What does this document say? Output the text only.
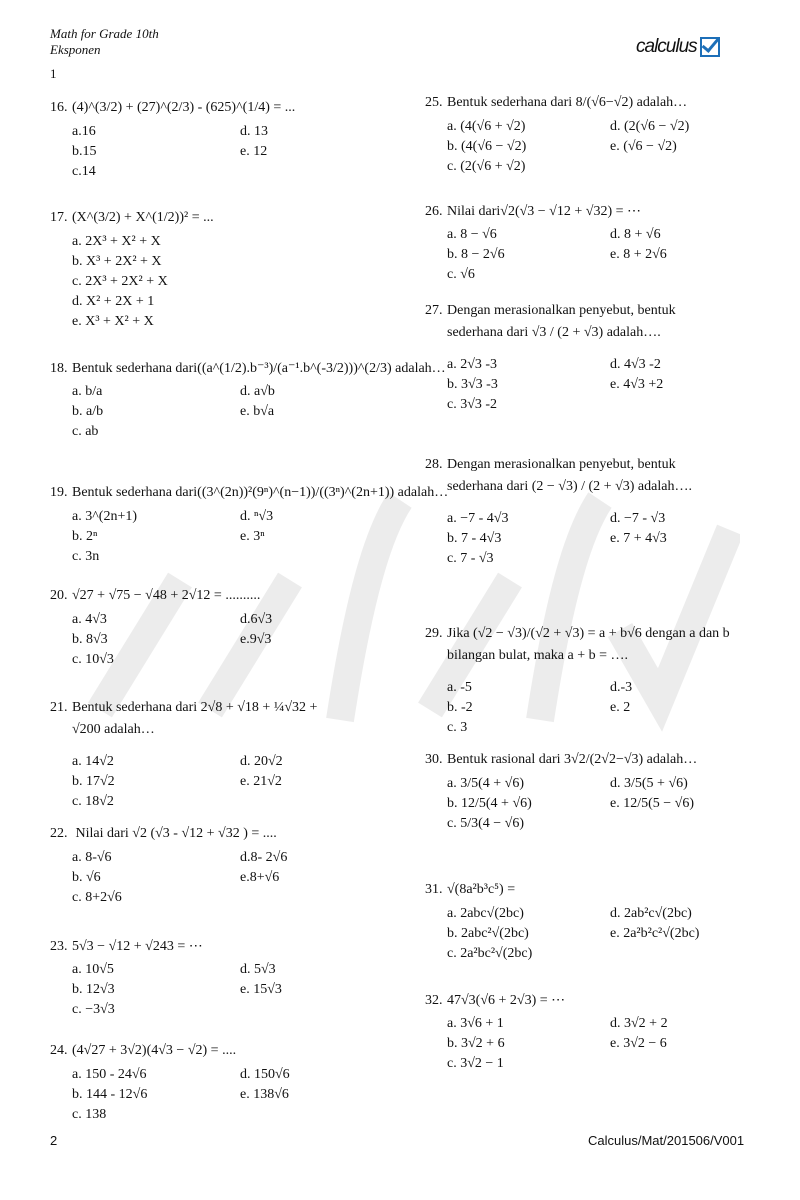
Math for Grade 10th
Eksponen
1
calculus
2	Calculus/Mat/201506/V001
16. (4)^(3/2) + (27)^(2/3) - (625)^(1/4) = ...
a.16	d. 13
b.15	e. 12
c.14
17. (X^(3/2) + X^(1/2))² = ...
a. 2X³ + X² + X
b. X³ + 2X² + X
c. 2X³ + 2X² + X
d. X² + 2X + 1
e. X³ + X² + X
18. Bentuk sederhana dari((a^(1/2).b⁻³)/(a⁻¹.b^(-3/2)))^(2/3) adalah…
a. b/a	d. a√b
b. a/b	e. b√a
c. ab
19. Bentuk sederhana dari((3^(2n))²(9ⁿ)^(n−1))/((3ⁿ)^(2n+1)) adalah…
a. 3^(2n+1)	d. ⁿ√3
b. 2ⁿ	e. 3ⁿ
c. 3n
20. √27 + √75 − √48 + 2√12 = ..........
a. 4√3	d.6√3
b. 8√3	e.9√3
c. 10√3
21. Bentuk sederhana dari 2√8 + √18 + ¼√32 +
√200 adalah…
a. 14√2	d. 20√2
b. 17√2	e. 21√2
c. 18√2
22. Nilai dari √2 (√3 - √12 + √32 ) = ....
a. 8-√6	d.8- 2√6
b. √6	e.8+√6
c. 8+2√6
23. 5√3 − √12 + √243 = ⋯
a. 10√5	d. 5√3
b. 12√3	e. 15√3
c. −3√3
24. (4√27 + 3√2)(4√3 − √2) = ....
a. 150 - 24√6	d. 150√6
b. 144 - 12√6	e. 138√6
c. 138
25. Bentuk sederhana dari 8/(√6−√2) adalah…
a. (4(√6 + √2)	d. (2(√6 − √2)
b. (4(√6 − √2)	e. (√6 − √2)
c. (2(√6 + √2)
26. Nilai dari√2(√3 − √12 + √32) = ⋯
a. 8 − √6	d. 8 + √6
b. 8 − 2√6	e. 8 + 2√6
c. √6
27. Dengan merasionalkan penyebut, bentuk
sederhana dari √3 / (2 + √3) adalah….
a. 2√3 -3	d. 4√3 -2
b. 3√3 -3	e. 4√3 +2
c. 3√3 -2
28. Dengan merasionalkan penyebut, bentuk
sederhana dari (2 − √3) / (2 + √3) adalah….
a. −7 - 4√3	d. −7 - √3
b. 7 - 4√3	e. 7 + 4√3
c. 7 - √3
29. Jika (√2 − √3)/(√2 + √3) = a + b√6 dengan a dan b
bilangan bulat, maka a + b = ….
a. -5	d.-3
b. -2	e. 2
c. 3
30. Bentuk rasional dari 3√2/(2√2−√3) adalah…
a. 3/5(4 + √6)	d. 3/5(5 + √6)
b. 12/5(4 + √6)	e. 12/5(5 − √6)
c. 5/3(4 − √6)
31. √(8a²b³c⁵) =
a. 2abc√(2bc)	d. 2ab²c√(2bc)
b. 2abc²√(2bc)	e. 2a²b²c²√(2bc)
c. 2a²bc²√(2bc)
32. 47√3(√6 + 2√3) = ⋯
a. 3√6 + 1	d. 3√2 + 2
b. 3√2 + 6	e. 3√2 − 6
c. 3√2 − 1
